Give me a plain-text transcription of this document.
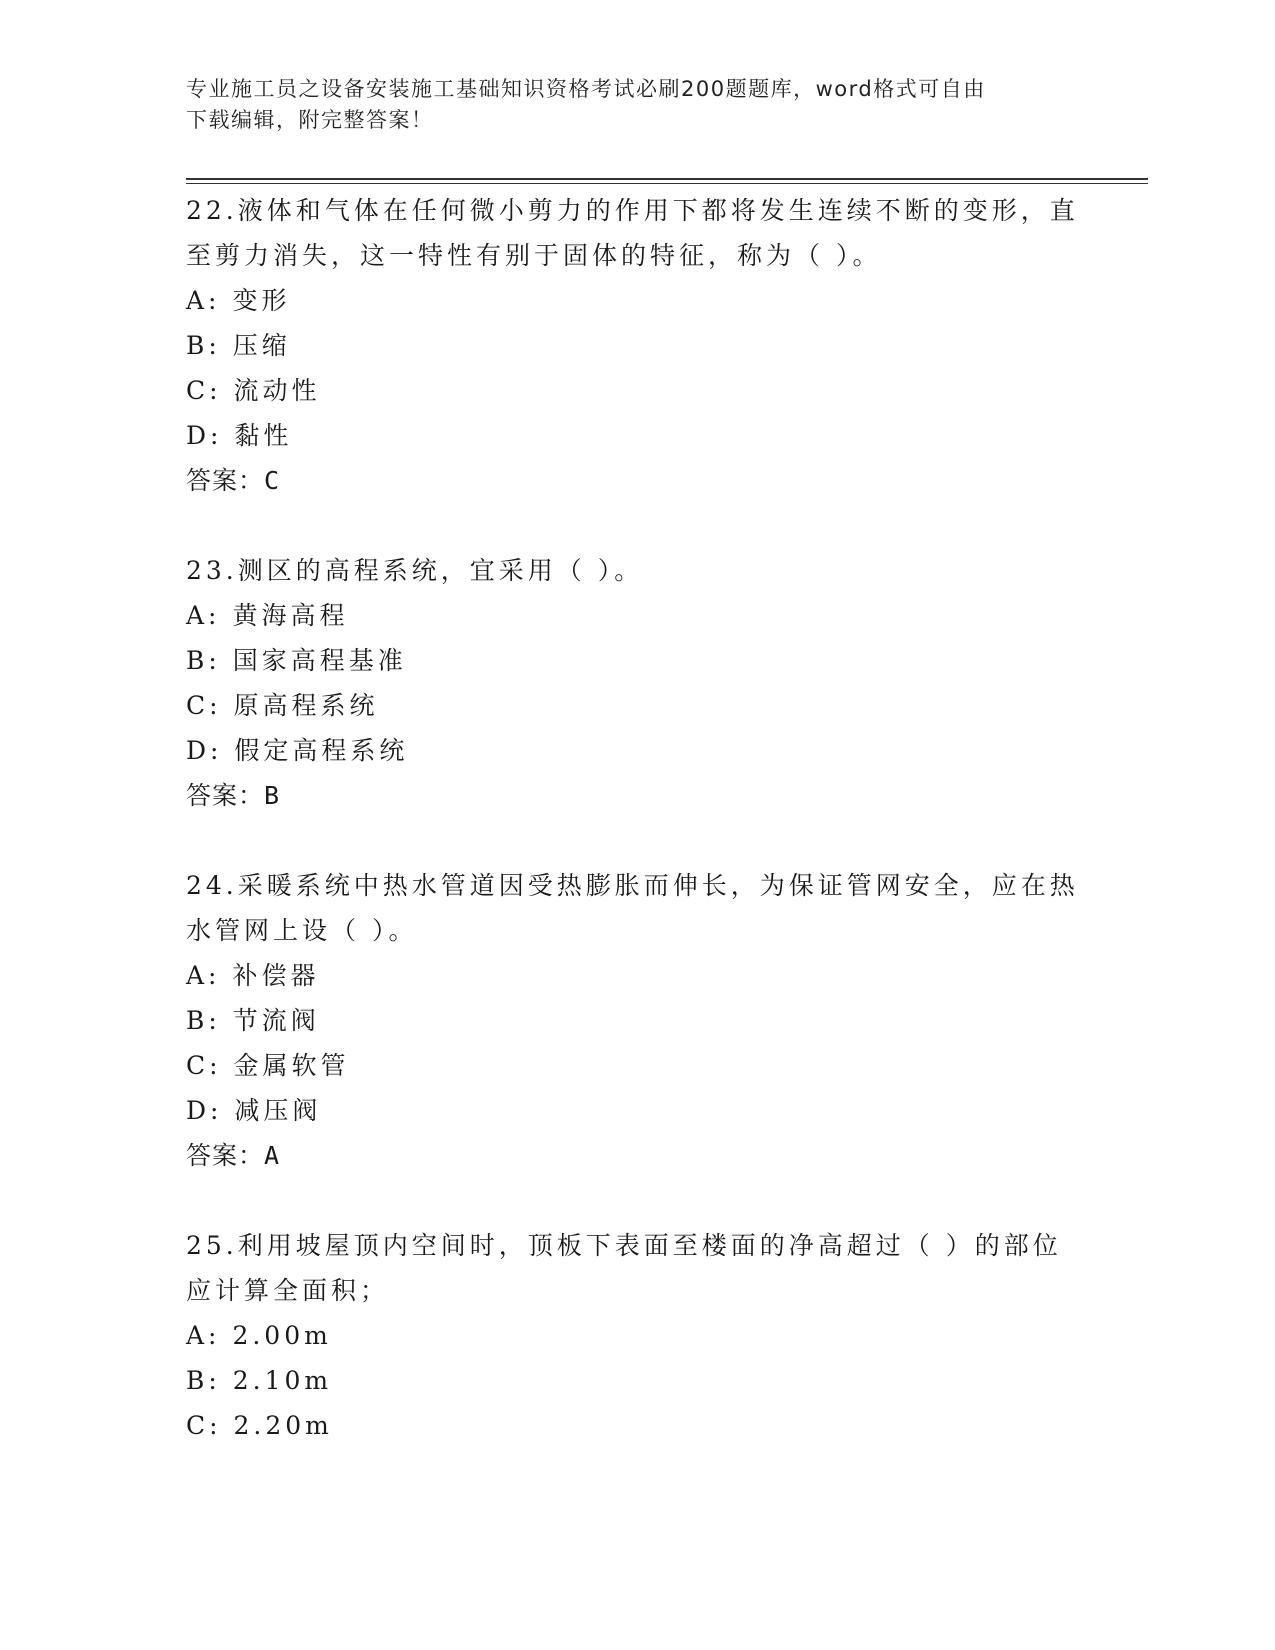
专业施工员之设备安装施工基础知识资格考试必刷200题题库，word格式可自由
下载编辑，附完整答案！
22.液体和气体在任何微小剪力的作用下都将发生连续不断的变形，直
至剪力消失，这一特性有别于固体的特征，称为（ ）。
A: 变形
B: 压缩
C: 流动性
D: 黏性
答案：C
23.测区的高程系统，宜采用（ ）。
A: 黄海高程
B: 国家高程基准
C: 原高程系统
D: 假定高程系统
答案：B
24.采暖系统中热水管道因受热膨胀而伸长，为保证管网安全，应在热
水管网上设（ ）。
A: 补偿器
B: 节流阀
C: 金属软管
D: 减压阀
答案：A
25.利用坡屋顶内空间时，顶板下表面至楼面的净高超过（ ）的部位
应计算全面积；
A: 2.00m
B: 2.10m
C: 2.20m
